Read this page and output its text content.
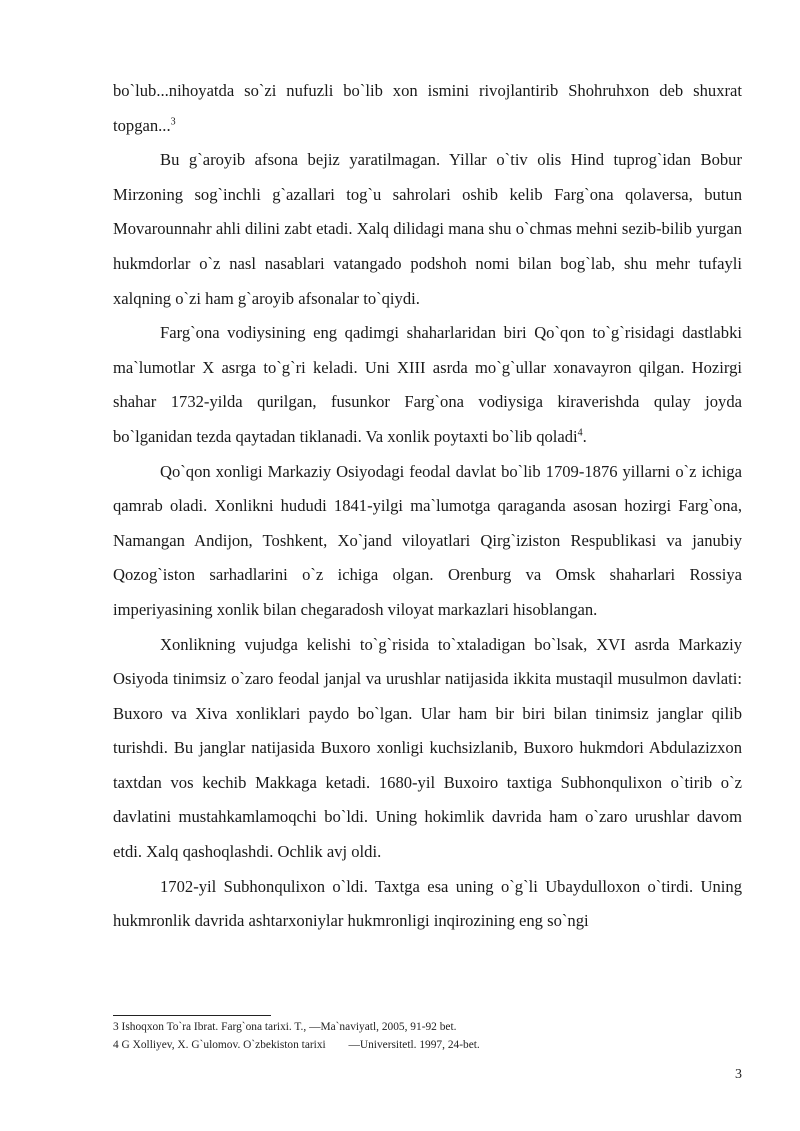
bo`lub...nihoyatda so`zi nufuzli bo`lib xon ismini rivojlantirib Shohruhxon deb shuxrat topgan...$^3$

Bu g`aroyib afsona bejiz yaratilmagan. Yillar o`tiv olis Hind tuprog`idan Bobur Mirzoning sog`inchli g`azallari tog`u sahrolari oshib kelib Farg`ona qolaversa, butun Movarounnahr ahli dilini zabt etadi. Xalq dilidagi mana shu o`chmas mehni sezib-bilib yurgan hukmdorlar o`z nasl nasablari vatangado podshoh nomi bilan bog`lab, shu mehr tufayli xalqning o`zi ham g`aroyib afsonalar to`qiydi.

Farg`ona vodiysining eng qadimgi shaharlaridan biri Qo`qon to`g`risidagi dastlabki ma`lumotlar X asrga to`g`ri keladi. Uni XIII asrda mo`g`ullar xonavayron qilgan. Hozirgi shahar 1732-yilda qurilgan, fusunkor Farg`ona vodiysiga kiraverishda qulay joyda bo`lganidan tezda qaytadan tiklanadi. Va xonlik poytaxti bo`lib qoladi$^4$.

Qo`qon xonligi Markaziy Osiyodagi feodal davlat bo`lib 1709-1876 yillarni o`z ichiga qamrab oladi. Xonlikni hududi 1841-yilgi ma`lumotga qaraganda asosan hozirgi Farg`ona, Namangan Andijon, Toshkent, Xo`jand viloyatlari Qirg`iziston Respublikasi va janubiy Qozog`iston sarhadlarini o`z ichiga olgan. Orenburg va Omsk shaharlari Rossiya imperiyasining xonlik bilan chegaradosh viloyat markazlari hisoblangan.

Xonliknіng vujudga kelishi to`g`risida to`xtaladigan bo`lsak, XVI asrda Markaziy Osiyoda tinimsiz o`zaro feodal janjal va urushlar natijasida ikkita mustaqil musulmon davlati: Buxoro va Xiva xonliklari paydo bo`lgan. Ular ham bir biri bilan tinimsiz janglar qilib turishdi. Bu janglar natijasida Buxoro xonligi kuchsizlanib, Buxoro hukmdori Abdulazizxon taxtdan vos kechib Makkaga ketadi. 1680-yil Buxoiro taxtiga Subhonqulixon o`tirib o`z davlatini mustahkamlamoqchi bo`ldi. Uning hokimlik davrida ham o`zaro urushlar davom etdi. Xalq qashoqlashdi. Ochlik avj oldi.

1702-yil Subhonqulixon o`ldi. Taxtga esa uning o`g`li Ubaydulloxon o`tirdi. Uning hukmronlik davrida ashtarxoniylar hukmronligi inqirozining eng so`ngi

3 Ishoqxon To`ra Ibrat. Farg`ona tarixi. T., —Ma`naviyatl, 2005, 91-92 bet.

4 G Xolliyev, X. G`ulomov. O`zbekiston tarixi        —Universitetl. 1997, 24-bet.

3
